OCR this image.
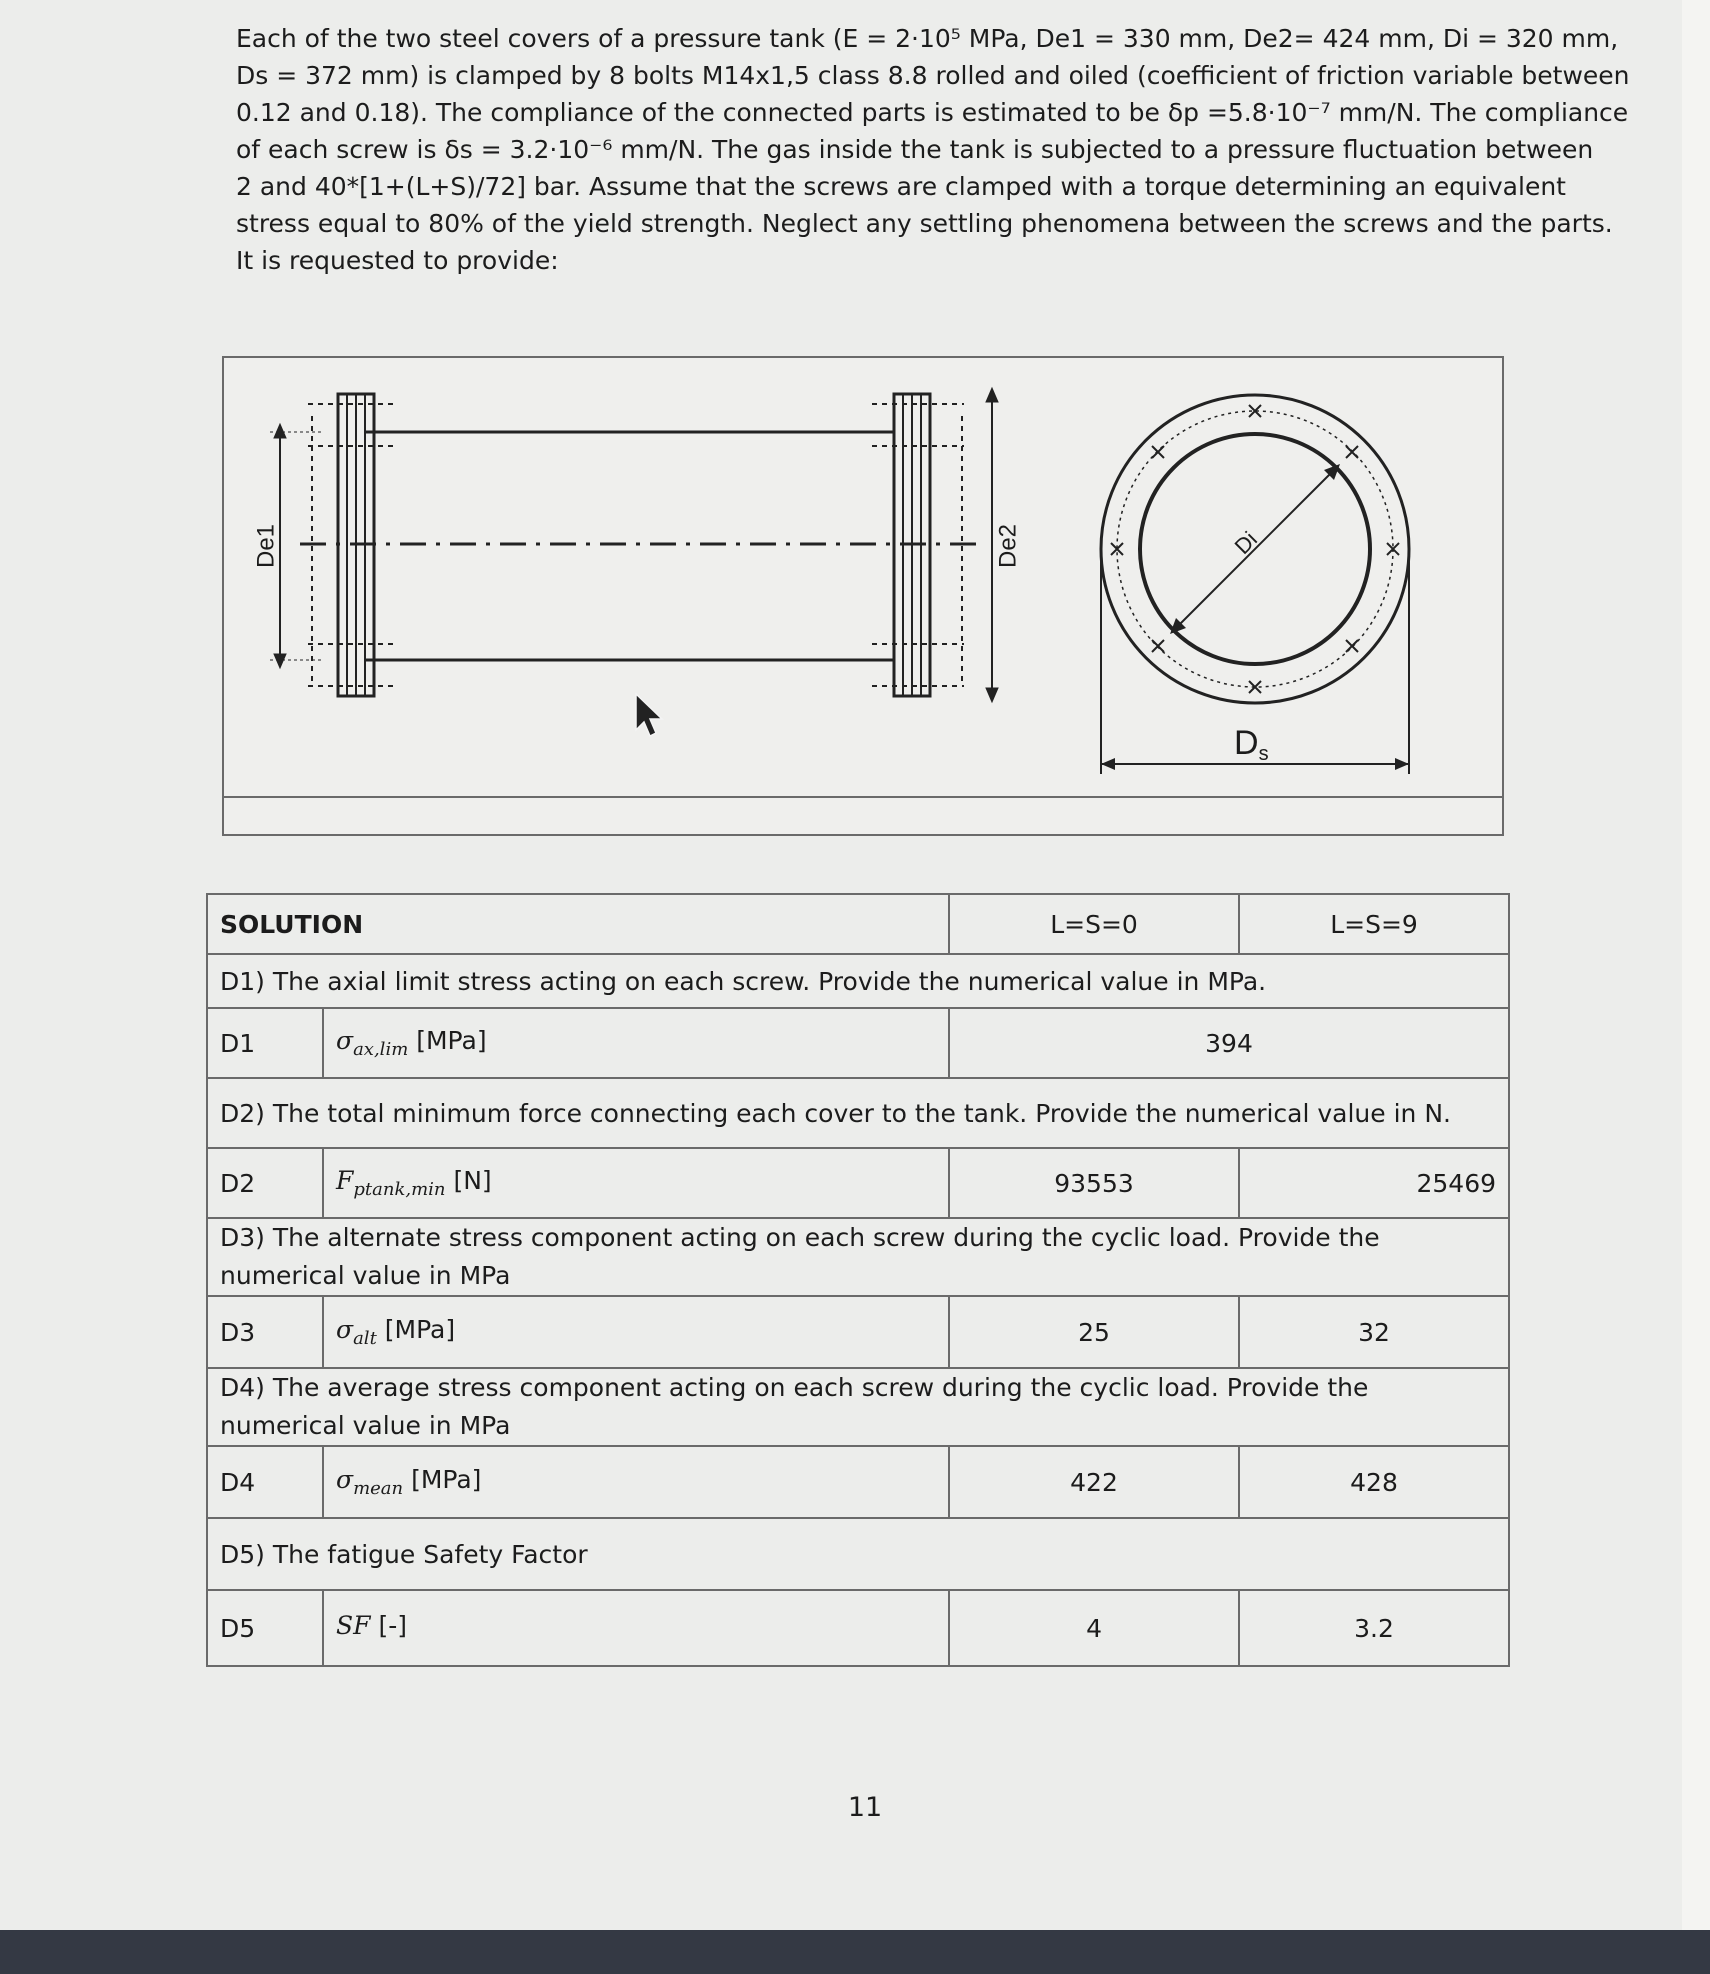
Each of the two steel covers of a pressure tank (E = 2·10⁵ MPa, De1 = 330 mm, De2= 424 mm, Di = 320 mm,
Ds = 372 mm) is clamped by 8 bolts M14x1,5 class 8.8 rolled and oiled (coefficient of friction variable between
0.12 and 0.18). The compliance of the connected parts is estimated to be δp =5.8·10⁻⁷ mm/N. The compliance
of each screw is δs = 3.2·10⁻⁶ mm/N. The gas inside the tank is subjected to a pressure fluctuation between
2 and 40*[1+(L+S)/72] bar. Assume that the screws are clamped with a torque determining an equivalent
stress equal to 80% of the yield strength. Neglect any settling phenomena between the screws and the parts.
It is requested to provide:
De1	De2	Di
Ds
SOLUTION		L=S=0	L=S=9
D1) The axial limit stress acting on each screw. Provide the numerical value in MPa.			
D1	$\sigma_{ax,lim}$ [MPa]	394	
D2) The total minimum force connecting each cover to the tank. Provide the numerical value in N.			
D2	$F_{ptank,min}$ [N]	93553	25469
D3) The alternate stress component acting on each screw during the cyclic load. Provide the numerical value in MPa			
D3	$\sigma_{alt}$ [MPa]	25	32
D4) The average stress component acting on each screw during the cyclic load. Provide the numerical value in MPa			
D4	$\sigma_{mean}$ [MPa]	422	428
D5) The fatigue Safety Factor			
D5	SF [-]	4	3.2
11
